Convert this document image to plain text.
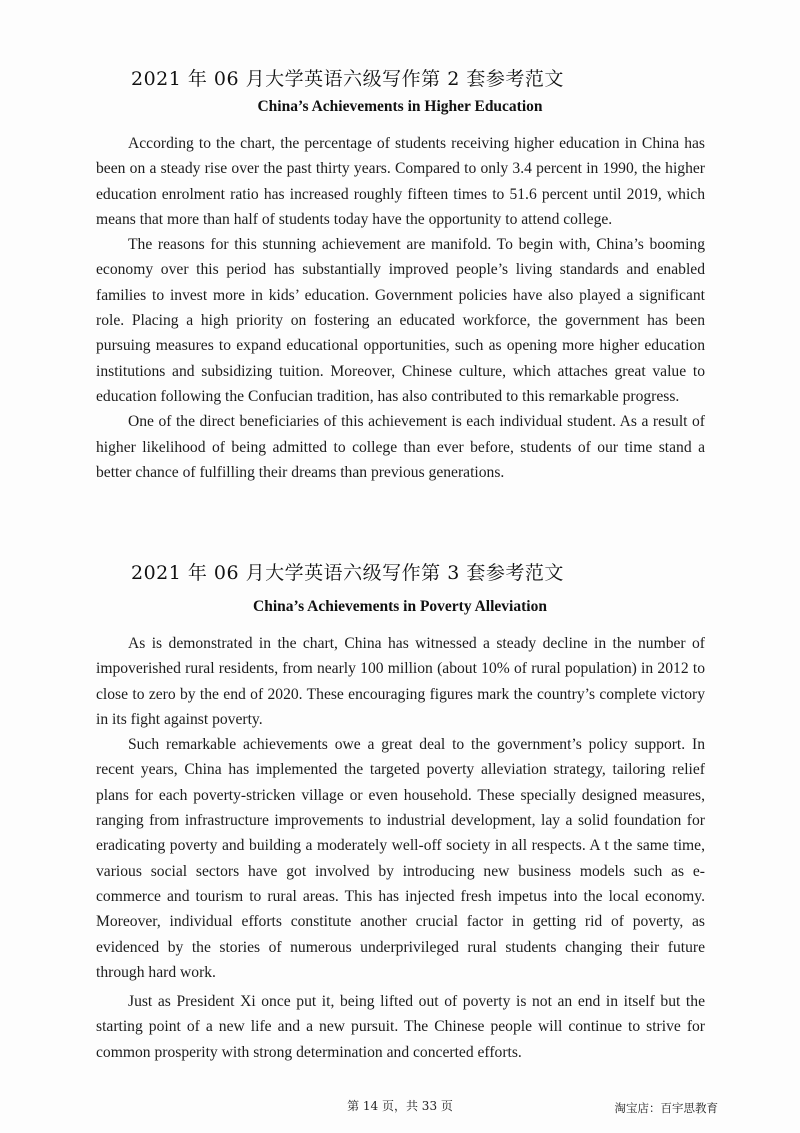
2021 年 06 月大学英语六级写作第 2 套参考范文
China’s Achievements in Higher Education

According to the chart, the percentage of students receiving higher education in China has been on a steady rise over the past thirty years. Compared to only 3.4 percent in 1990, the higher education enrolment ratio has increased roughly fifteen times to 51.6 percent until 2019, which means that more than half of students today have the opportunity to attend college.

The reasons for this stunning achievement are manifold. To begin with, China’s booming economy over this period has substantially improved people’s living standards and enabled families to invest more in kids’ education. Government policies have also played a significant role. Placing a high priority on fostering an educated workforce, the government has been pursuing measures to expand educational opportunities, such as opening more higher education institutions and subsidizing tuition. Moreover, Chinese culture, which attaches great value to education following the Confucian tradition, has also contributed to this remarkable progress.

One of the direct beneficiaries of this achievement is each individual student. As a result of higher likelihood of being admitted to college than ever before, students of our time stand a better chance of fulfilling their dreams than previous generations.

2021 年 06 月大学英语六级写作第 3 套参考范文
China’s Achievements in Poverty Alleviation

As is demonstrated in the chart, China has witnessed a steady decline in the number of impoverished rural residents, from nearly 100 million (about 10% of rural population) in 2012 to close to zero by the end of 2020. These encouraging figures mark the country’s complete victory in its fight against poverty.

Such remarkable achievements owe a great deal to the government’s policy support. In recent years, China has implemented the targeted poverty alleviation strategy, tailoring relief plans for each poverty-stricken village or even household. These specially designed measures, ranging from infrastructure improvements to industrial development, lay a solid foundation for eradicating poverty and building a moderately well-off society in all respects. A t the same time, various social sectors have got involved by introducing new business models such as e-commerce and tourism to rural areas. This has injected fresh impetus into the local economy. Moreover, individual efforts constitute another crucial factor in getting rid of poverty, as evidenced by the stories of numerous underprivileged rural students changing their future through hard work.

Just as President Xi once put it, being lifted out of poverty is not an end in itself but the starting point of a new life and a new pursuit. The Chinese people will continue to strive for common prosperity with strong determination and concerted efforts.

第 14 页，共 33 页	淘宝店：百宇思教育
